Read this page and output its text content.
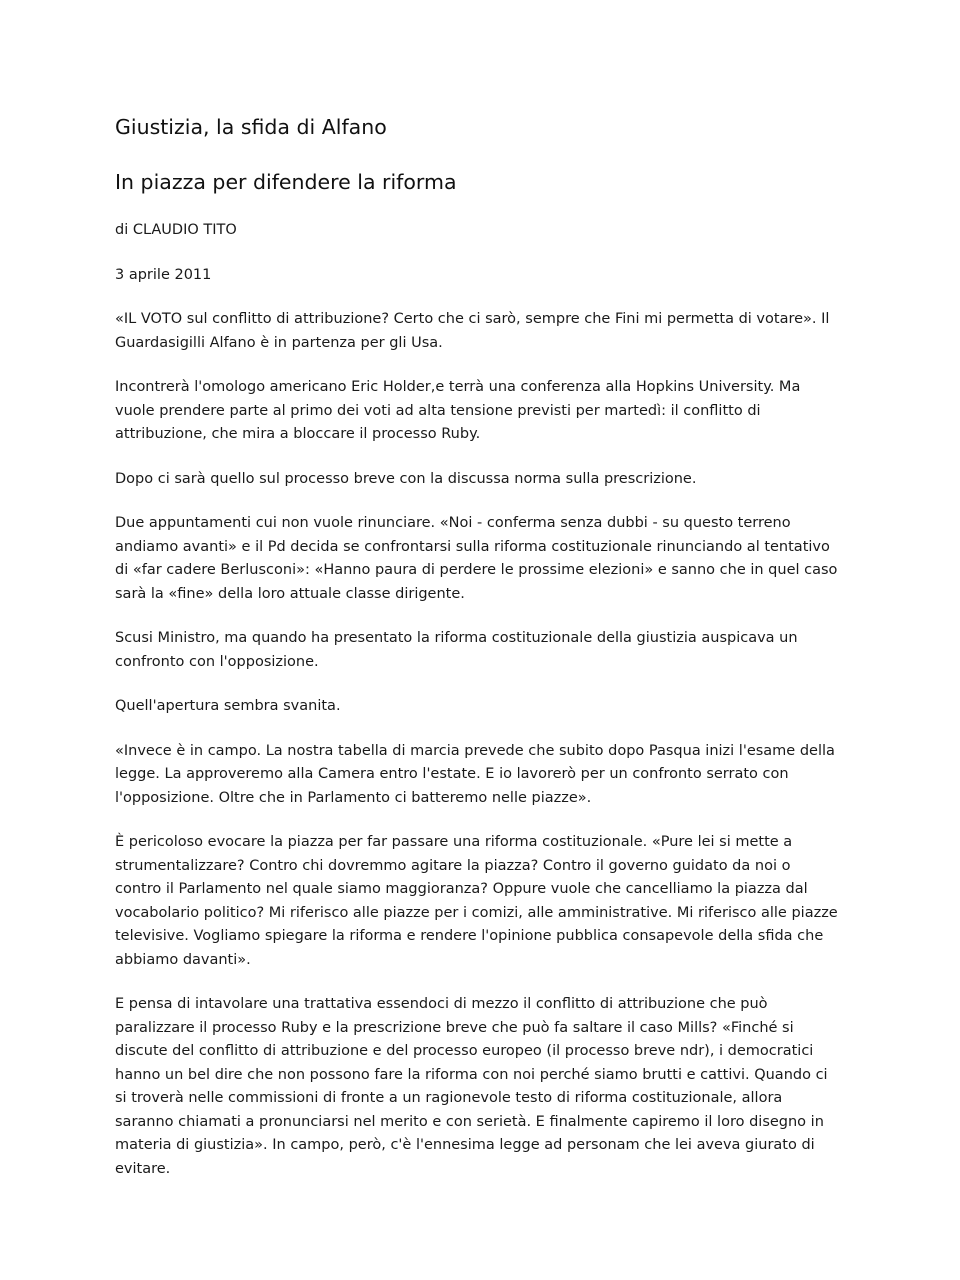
Giustizia, la sfida di Alfano
In piazza per difendere la riforma

di CLAUDIO TITO

3 aprile 2011

«IL VOTO sul conflitto di attribuzione? Certo che ci sarò, sempre che Fini mi permetta di votare». Il Guardasigilli Alfano è in partenza per gli Usa.

Incontrerà l'omologo americano Eric Holder,e terrà una conferenza alla Hopkins University. Ma vuole prendere parte al primo dei voti ad alta tensione previsti per martedì: il conflitto di attribuzione, che mira a bloccare il processo Ruby.

Dopo ci sarà quello sul processo breve con la discussa norma sulla prescrizione.

Due appuntamenti cui non vuole rinunciare. «Noi - conferma senza dubbi - su questo terreno andiamo avanti» e il Pd decida se confrontarsi sulla riforma costituzionale rinunciando al tentativo di «far cadere Berlusconi»: «Hanno paura di perdere le prossime elezioni» e sanno che in quel caso sarà la «fine» della loro attuale classe dirigente.

Scusi Ministro, ma quando ha presentato la riforma costituzionale della giustizia auspicava un confronto con l'opposizione.

Quell'apertura sembra svanita.

«Invece è in campo. La nostra tabella di marcia prevede che subito dopo Pasqua inizi l'esame della legge. La approveremo alla Camera entro l'estate. E io lavorerò per un confronto serrato con l'opposizione. Oltre che in Parlamento ci batteremo nelle piazze».

È pericoloso evocare la piazza per far passare una riforma costituzionale. «Pure lei si mette a strumentalizzare? Contro chi dovremmo agitare la piazza? Contro il governo guidato da noi o contro il Parlamento nel quale siamo maggioranza? Oppure vuole che cancelliamo la piazza dal vocabolario politico? Mi riferisco alle piazze per i comizi, alle amministrative. Mi riferisco alle piazze televisive. Vogliamo spiegare la riforma e rendere l'opinione pubblica consapevole della sfida che abbiamo davanti».

E pensa di intavolare una trattativa essendoci di mezzo il conflitto di attribuzione che può paralizzare il processo Ruby e la prescrizione breve che può fa saltare il caso Mills? «Finché si discute del conflitto di attribuzione e del processo europeo (il processo breve ndr), i democratici hanno un bel dire che non possono fare la riforma con noi perché siamo brutti e cattivi. Quando ci si troverà nelle commissioni di fronte a un ragionevole testo di riforma costituzionale, allora saranno chiamati a pronunciarsi nel merito e con serietà. E finalmente capiremo il loro disegno in materia di giustizia». In campo, però, c'è l'ennesima legge ad personam che lei aveva giurato di evitare.
